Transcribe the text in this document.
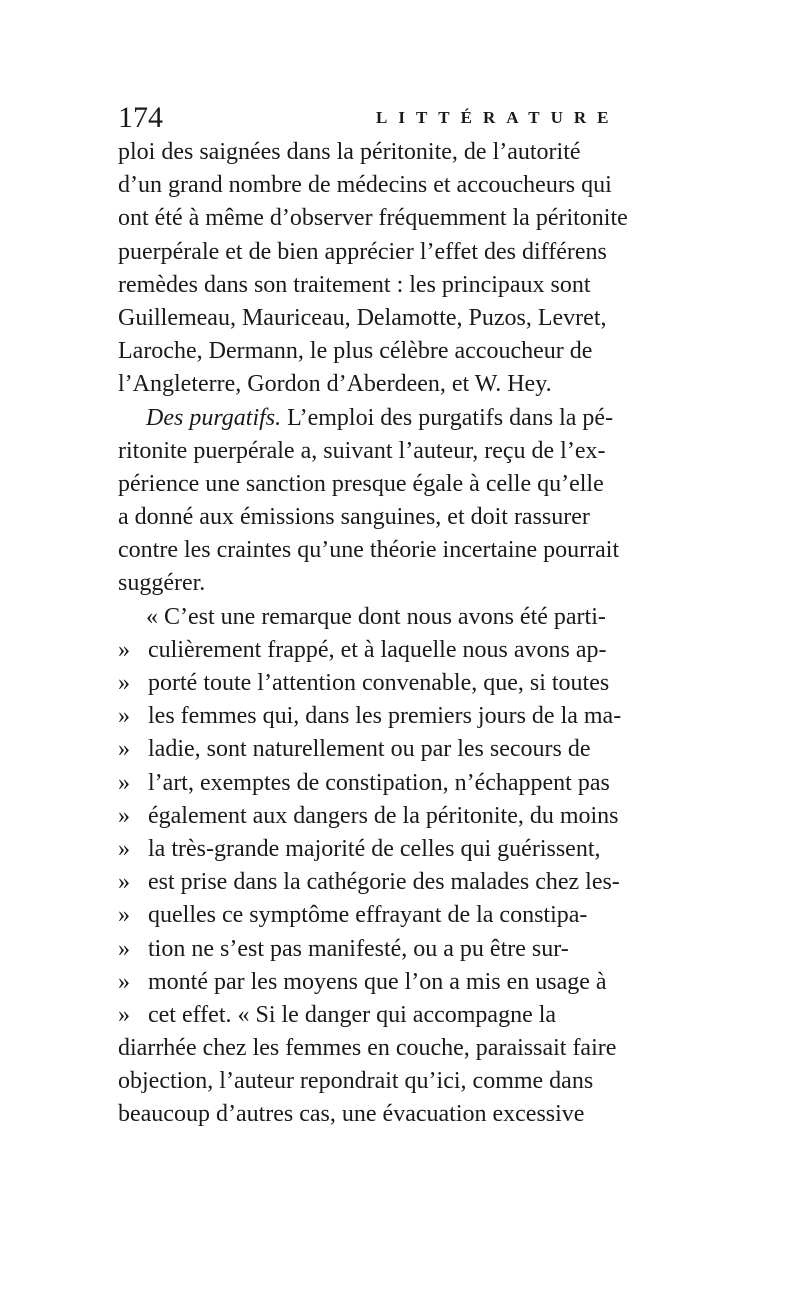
174	LITTÉRATURE
ploi des saignées dans la péritonite, de l’autorité
d’un grand nombre de médecins et accoucheurs qui
ont été à même d’observer fréquemment la péritonite
puerpérale et de bien apprécier l’effet des différens
remèdes dans son traitement : les principaux sont
Guillemeau, Mauriceau, Delamotte, Puzos, Levret,
Laroche, Dermann, le plus célèbre accoucheur de
l’Angleterre, Gordon d’Aberdeen, et W. Hey.
Des purgatifs. L’emploi des purgatifs dans la pé-
ritonite puerpérale a, suivant l’auteur, reçu de l’ex-
périence une sanction presque égale à celle qu’elle
a donné aux émissions sanguines, et doit rassurer
contre les craintes qu’une théorie incertaine pourrait
suggérer.
« C’est une remarque dont nous avons été parti-
» culièrement frappé, et à laquelle nous avons ap-
» porté toute l’attention convenable, que, si toutes
» les femmes qui, dans les premiers jours de la ma-
» ladie, sont naturellement ou par les secours de
» l’art, exemptes de constipation, n’échappent pas
» également aux dangers de la péritonite, du moins
» la très-grande majorité de celles qui guérissent,
» est prise dans la cathégorie des malades chez les-
» quelles ce symptôme effrayant de la constipa-
» tion ne s’est pas manifesté, ou a pu être sur-
» monté par les moyens que l’on a mis en usage à
» cet effet. « Si le danger qui accompagne la
diarrhée chez les femmes en couche, paraissait faire
objection, l’auteur repondrait qu’ici, comme dans
beaucoup d’autres cas, une évacuation excessive
